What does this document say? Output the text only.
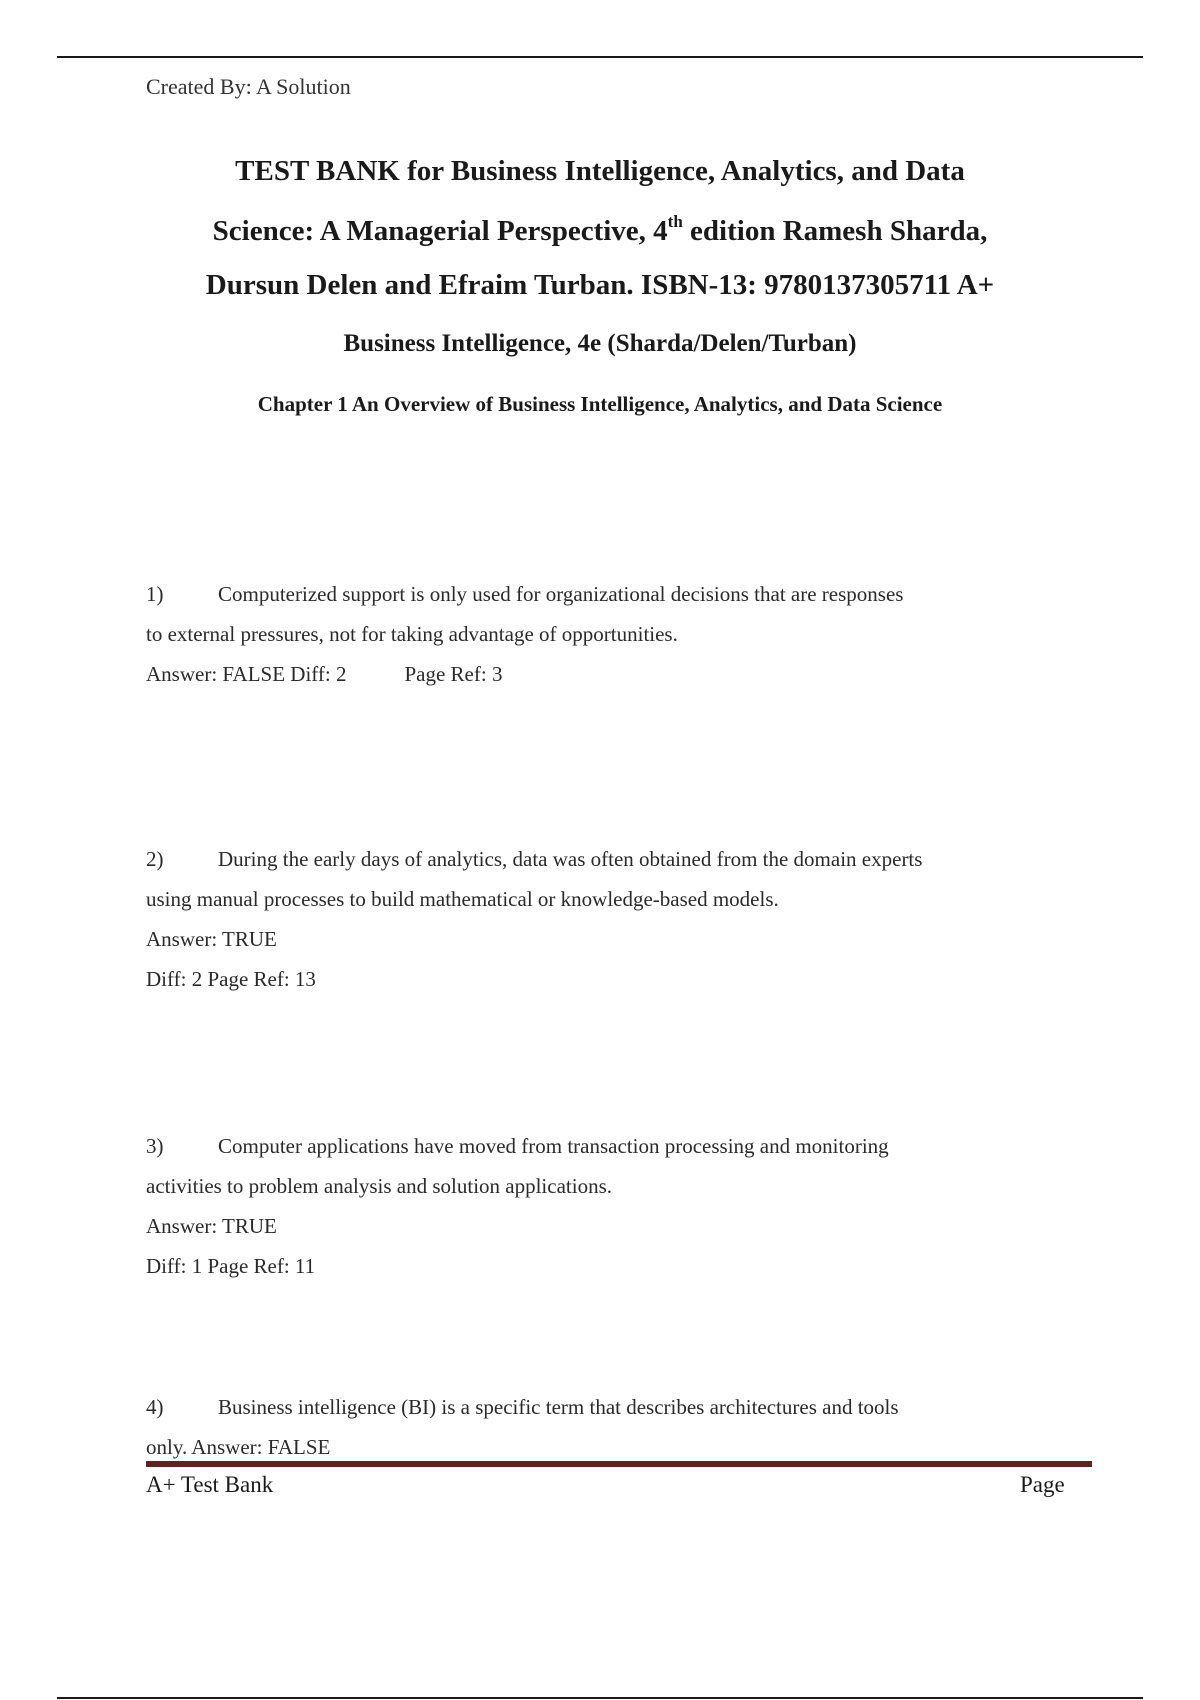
Created By: A Solution
TEST BANK for Business Intelligence, Analytics, and Data
Science: A Managerial Perspective, 4th edition Ramesh Sharda,
Dursun Delen and Efraim Turban. ISBN-13: 9780137305711 A+
Business Intelligence, 4e (Sharda/Delen/Turban)
Chapter 1 An Overview of Business Intelligence, Analytics, and Data Science
1)	Computerized support is only used for organizational decisions that are responses
to external pressures, not for taking advantage of opportunities.
Answer: FALSE Diff: 2	Page Ref: 3
2)	During the early days of analytics, data was often obtained from the domain experts
using manual processes to build mathematical or knowledge-based models.
Answer: TRUE
Diff: 2 Page Ref: 13
3)	Computer applications have moved from transaction processing and monitoring
activities to problem analysis and solution applications.
Answer: TRUE
Diff: 1 Page Ref: 11
4)	Business intelligence (BI) is a specific term that describes architectures and tools
only. Answer: FALSE
A+ Test Bank	Page
